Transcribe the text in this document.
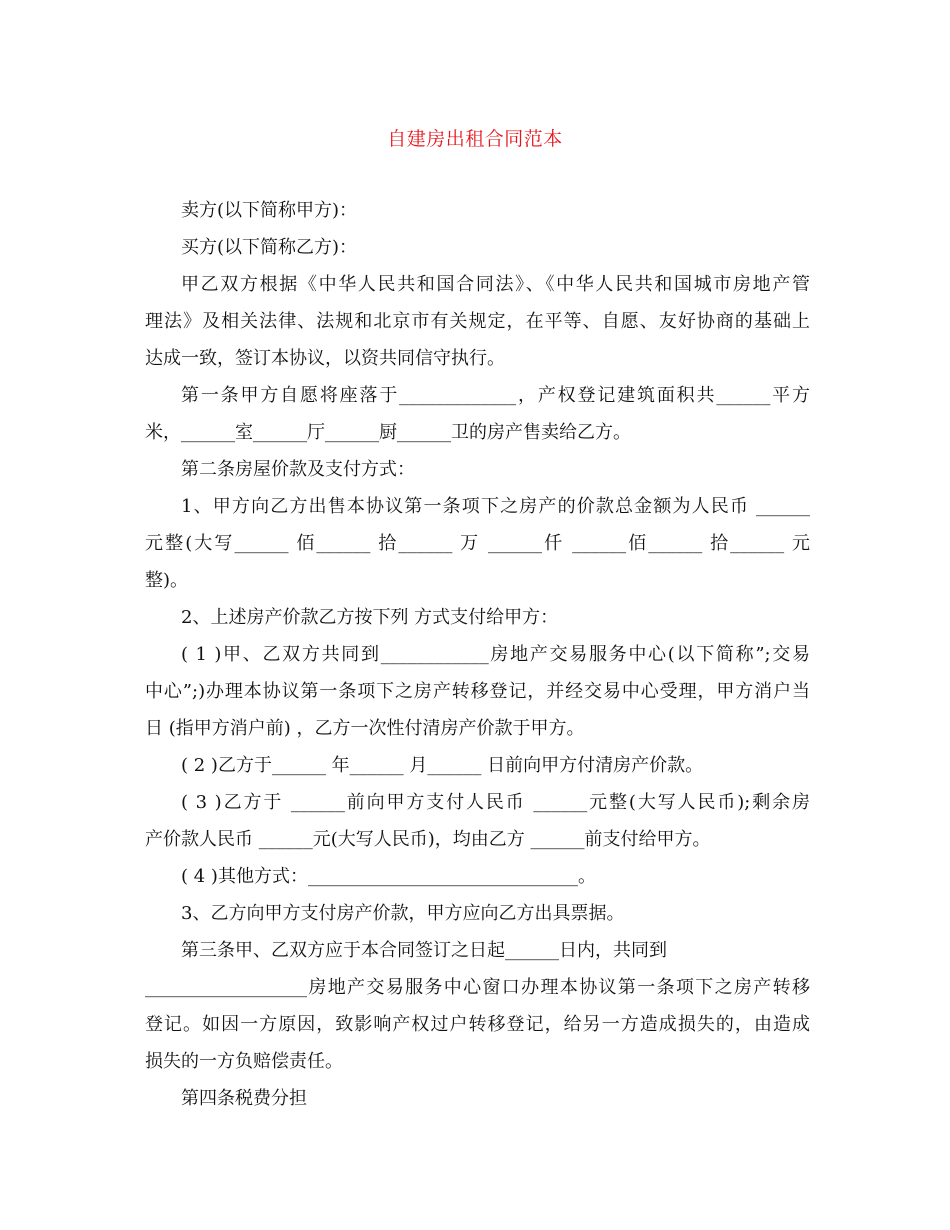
自建房出租合同范本
卖方(以下简称甲方)：
买方(以下简称乙方)：
甲乙双方根据《中华人民共和国合同法》、《中华人民共和国城市房地产管
理法》及相关法律、法规和北京市有关规定，在平等、自愿、友好协商的基础上
达成一致，签订本协议，以资共同信守执行。
第一条甲方自愿将座落于_____________，产权登记建筑面积共______平方
米，______室______厅______厨______卫的房产售卖给乙方。
第二条房屋价款及支付方式：
1、甲方向乙方出售本协议第一条项下之房产的价款总金额为人民币 ______
元整(大写______ 佰______ 拾______ 万 ______仟 ______佰______ 拾______ 元
整)。
2、上述房产价款乙方按下列 方式支付给甲方：
( 1 )甲、乙双方共同到____________房地产交易服务中心(以下简称”;交易
中心”;)办理本协议第一条项下之房产转移登记，并经交易中心受理，甲方消户当
日 (指甲方消户前) ，乙方一次性付清房产价款于甲方。
( 2 )乙方于______ 年______ 月______ 日前向甲方付清房产价款。
( 3 )乙方于 ______前向甲方支付人民币 ______元整(大写人民币);剩余房
产价款人民币 ______元(大写人民币)，均由乙方 ______前支付给甲方。
( 4 )其他方式：______________________________。
3、乙方向甲方支付房产价款，甲方应向乙方出具票据。
第三条甲、乙双方应于本合同签订之日起______日内，共同到
__________________房地产交易服务中心窗口办理本协议第一条项下之房产转移
登记。如因一方原因，致影响产权过户转移登记，给另一方造成损失的，由造成
损失的一方负赔偿责任。
第四条税费分担
